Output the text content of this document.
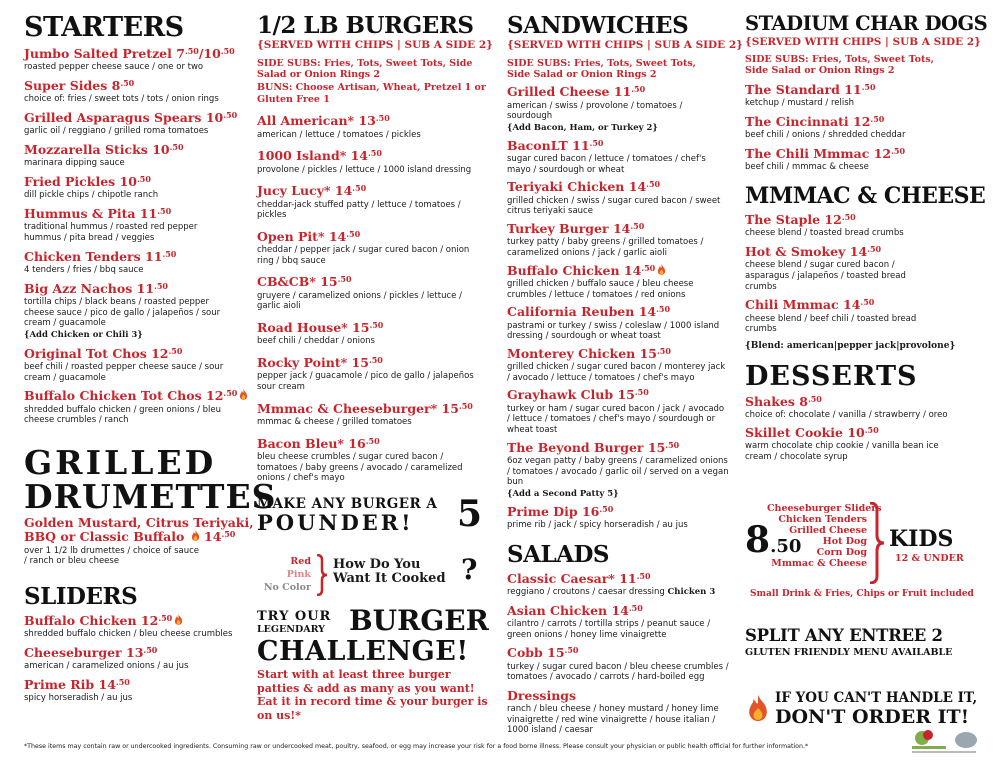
STARTERS
Jumbo Salted Pretzel $7^{.50}/10^{.50}$
roasted pepper cheese sauce / one or two
Super Sides $8^{.50}$
choice of: fries / sweet tots / tots / onion rings
Grilled Asparagus Spears $10^{.50}$
garlic oil / reggiano / grilled roma tomatoes
Mozzarella Sticks $10^{.50}$
marinara dipping sauce
Fried Pickles $10^{.50}$
dill pickle chips / chipotle ranch
Hummus & Pita $11^{.50}$
traditional hummus / roasted red pepper hummus / pita bread / veggies
Chicken Tenders $11^{.50}$
4 tenders / fries / bbq sauce
Big Azz Nachos $11^{.50}$
tortilla chips / black beans / roasted pepper cheese sauce / pico de gallo / jalapeños / sour cream / guacamole
{Add Chicken or Chili 3}
Original Tot Chos $12^{.50}$
beef chili / roasted pepper cheese sauce / sour cream / guacamole
Buffalo Chicken Tot Chos $12^{.50}$
shredded buffalo chicken / green onions / bleu cheese crumbles / ranch
GRILLED
DRUMETTES
Golden Mustard, Citrus Teriyaki,
BBQ or Classic Buffalo $14^{.50}$
over 1 1/2 lb drumettes / choice of sauce / ranch or bleu cheese
SLIDERS
Buffalo Chicken $12^{.50}$
shredded buffalo chicken / bleu cheese crumbles
Cheeseburger $13^{.50}$
american / caramelized onions / au jus
Prime Rib $14^{.50}$
spicy horseradish / au jus
1/2 LB BURGERS
{SERVED WITH CHIPS | SUB A SIDE 2}
SIDE SUBS: Fries, Tots, Sweet Tots, Side Salad or Onion Rings 2
BUNS: Choose Artisan, Wheat, Pretzel 1 or Gluten Free 1
All American* $13^{.50}$
american / lettuce / tomatoes / pickles
1000 Island* $14^{.50}$
provolone / pickles / lettuce / 1000 island dressing
Jucy Lucy* $14^{.50}$
cheddar-jack stuffed patty / lettuce / tomatoes / pickles
Open Pit* $14^{.50}$
cheddar / pepper jack / sugar cured bacon / onion ring / bbq sauce
CB&CB* $15^{.50}$
gruyere / caramelized onions / pickles / lettuce / garlic aioli
Road House* $15^{.50}$
beef chili / cheddar / onions
Rocky Point* $15^{.50}$
pepper jack / guacamole / pico de gallo / jalapeños sour cream
Mmmac & Cheeseburger* $15^{.50}$
mmmac & cheese / grilled tomatoes
Bacon Bleu* $16^{.50}$
bleu cheese crumbles / sugar cured bacon / tomatoes / baby greens / avocado / caramelized onions / chef's mayo
MAKE ANY BURGER A
POUNDER!	5
Red
Pink
No Color
How Do You
Want It Cooked ?
TRY OUR
LEGENDARY BURGER
CHALLENGE!
Start with at least three burger patties & add as many as you want! Eat it in record time & your burger is on us!*
SANDWICHES
{SERVED WITH CHIPS | SUB A SIDE 2}
SIDE SUBS: Fries, Tots, Sweet Tots, Side Salad or Onion Rings 2
Grilled Cheese $11^{.50}$
american / swiss / provolone / tomatoes / sourdough
{Add Bacon, Ham, or Turkey 2}
BaconLT $11^{.50}$
sugar cured bacon / lettuce / tomatoes / chef's mayo / sourdough or wheat
Teriyaki Chicken $14^{.50}$
grilled chicken / swiss / sugar cured bacon / sweet citrus teriyaki sauce
Turkey Burger $14^{.50}$
turkey patty / baby greens / grilled tomatoes / caramelized onions / jack / garlic aioli
Buffalo Chicken $14^{.50}$
grilled chicken / buffalo sauce / bleu cheese crumbles / lettuce / tomatoes / red onions
California Reuben $14^{.50}$
pastrami or turkey / swiss / coleslaw / 1000 island dressing / sourdough or wheat toast
Monterey Chicken $15^{.50}$
grilled chicken / sugar cured bacon / monterey jack / avocado / lettuce / tomatoes / chef's mayo
Grayhawk Club $15^{.50}$
turkey or ham / sugar cured bacon / jack / avocado / lettuce / tomatoes / chef's mayo / sourdough or wheat toast
The Beyond Burger $15^{.50}$
6oz vegan patty / baby greens / caramelized onions / tomatoes / avocado / garlic oil / served on a vegan bun
{Add a Second Patty 5}
Prime Dip $16^{.50}$
prime rib / jack / spicy horseradish / au jus
SALADS
Classic Caesar* $11^{.50}$
reggiano / croutons / caesar dressing Chicken 3
Asian Chicken $14^{.50}$
cilantro / carrots / tortilla strips / peanut sauce / green onions / honey lime vinaigrette
Cobb $15^{.50}$
turkey / sugar cured bacon / bleu cheese crumbles / tomatoes / avocado / carrots / hard-boiled egg
Dressings
ranch / bleu cheese / honey mustard / honey lime vinaigrette / red wine vinaigrette / house italian / 1000 island / caesar
STADIUM CHAR DOGS
{SERVED WITH CHIPS | SUB A SIDE 2}
SIDE SUBS: Fries, Tots, Sweet Tots, Side Salad or Onion Rings 2
The Standard $11^{.50}$
ketchup / mustard / relish
The Cincinnati $12^{.50}$
beef chili / onions / shredded cheddar
The Chili Mmmac $12^{.50}$
beef chili / mmmac & cheese
MMMAC & CHEESE
The Staple $12^{.50}$
cheese blend / toasted bread crumbs
Hot & Smokey $14^{.50}$
cheese blend / sugar cured bacon / asparagus / jalapeños / toasted bread crumbs
Chili Mmmac $14^{.50}$
cheese blend / beef chili / toasted bread crumbs
{Blend: american|pepper jack|provolone}
DESSERTS
Shakes $8^{.50}$
choice of: chocolate / vanilla / strawberry / oreo
Skillet Cookie $10^{.50}$
warm chocolate chip cookie / vanilla bean ice cream / chocolate syrup
8.50
Cheeseburger Sliders
Chicken Tenders
Grilled Cheese
Hot Dog
Corn Dog
Mmmac & Cheese
KIDS
12 & UNDER
Small Drink & Fries, Chips or Fruit included
SPLIT ANY ENTREE 2
GLUTEN FRIENDLY MENU AVAILABLE
IF YOU CAN'T HANDLE IT,
DON'T ORDER IT!
*These items may contain raw or undercooked ingredients. Consuming raw or undercooked meat, poultry, seafood, or egg may increase your risk for a food borne illness. Please consult your physician or public health official for further information.*
